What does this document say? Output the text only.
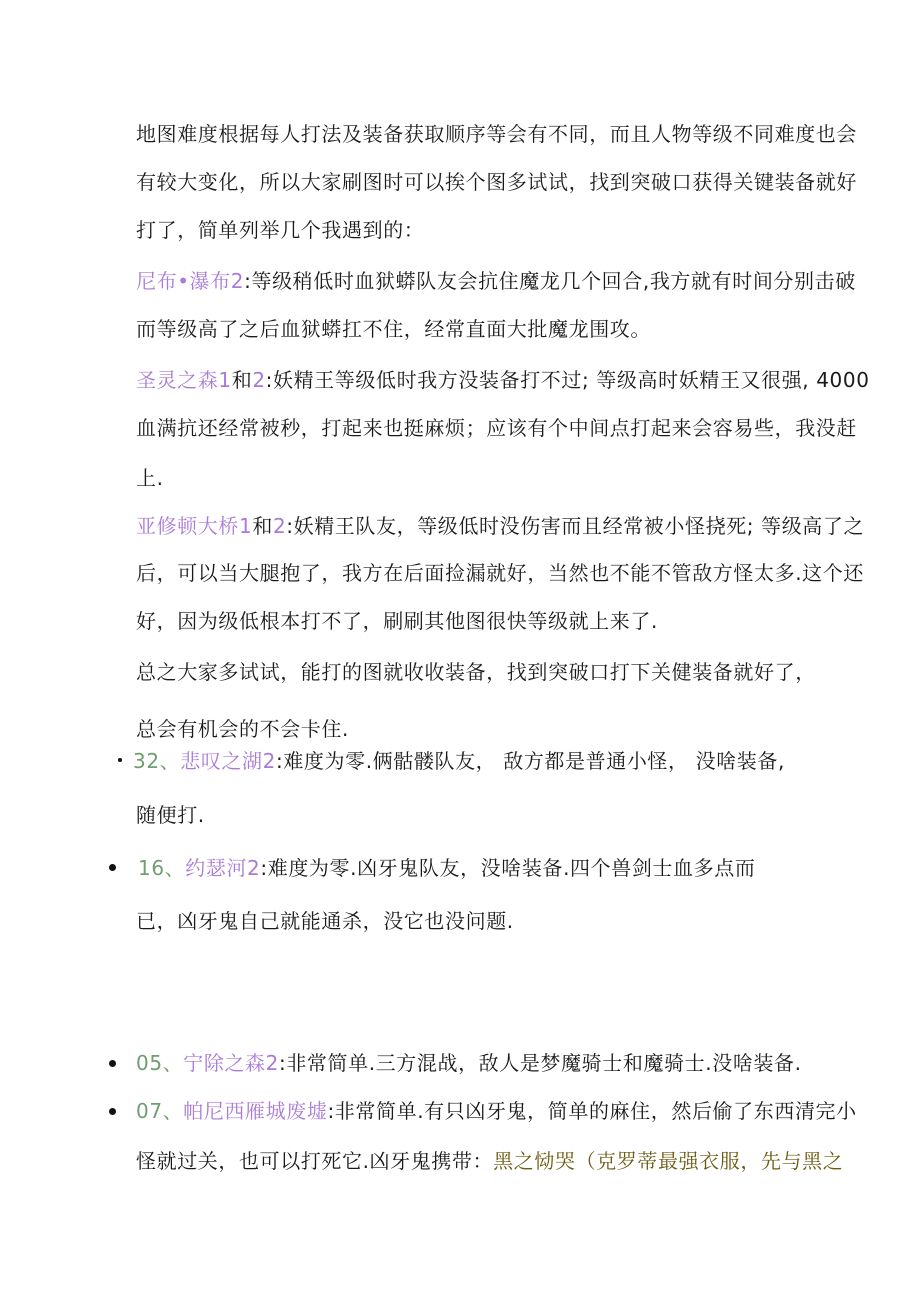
地图难度根据每人打法及装备获取顺序等会有不同，而且人物等级不同难度也会
有较大变化，所以大家刷图时可以挨个图多试试，找到突破口获得关键装备就好
打了，简单列举几个我遇到的：
尼布•瀑布2:等级稍低时血狱蟒队友会抗住魔龙几个回合,我方就有时间分别击破
而等级高了之后血狱蟒扛不住，经常直面大批魔龙围攻。
圣灵之森1和2:妖精王等级低时我方没装备打不过; 等级高时妖精王又很强, 4000
血满抗还经常被秒，打起来也挺麻烦；应该有个中间点打起来会容易些，我没赶
上.
亚修顿大桥1和2:妖精王队友，等级低时没伤害而且经常被小怪挠死; 等级高了之
后，可以当大腿抱了，我方在后面捡漏就好，当然也不能不管敌方怪太多.这个还
好，因为级低根本打不了，刷刷其他图很快等级就上来了.
总之大家多试试，能打的图就收收装备，找到突破口打下关健装备就好了，
总会有机会的不会卡住.
32、悲叹之湖2:难度为零.俩骷髅队友， 敌方都是普通小怪， 没啥装备,
随便打.
16、约瑟河2:难度为零.凶牙鬼队友，没啥装备.四个兽剑士血多点而
已，凶牙鬼自己就能通杀，没它也没问题.
05、宁除之森2:非常简单.三方混战，敌人是梦魔骑士和魔骑士.没啥装备.
07、帕尼西雁城废墟:非常简单.有只凶牙鬼，简单的麻住，然后偷了东西清完小
怪就过关，也可以打死它.凶牙鬼携带：黑之恸哭（克罗蒂最强衣服，先与黑之
